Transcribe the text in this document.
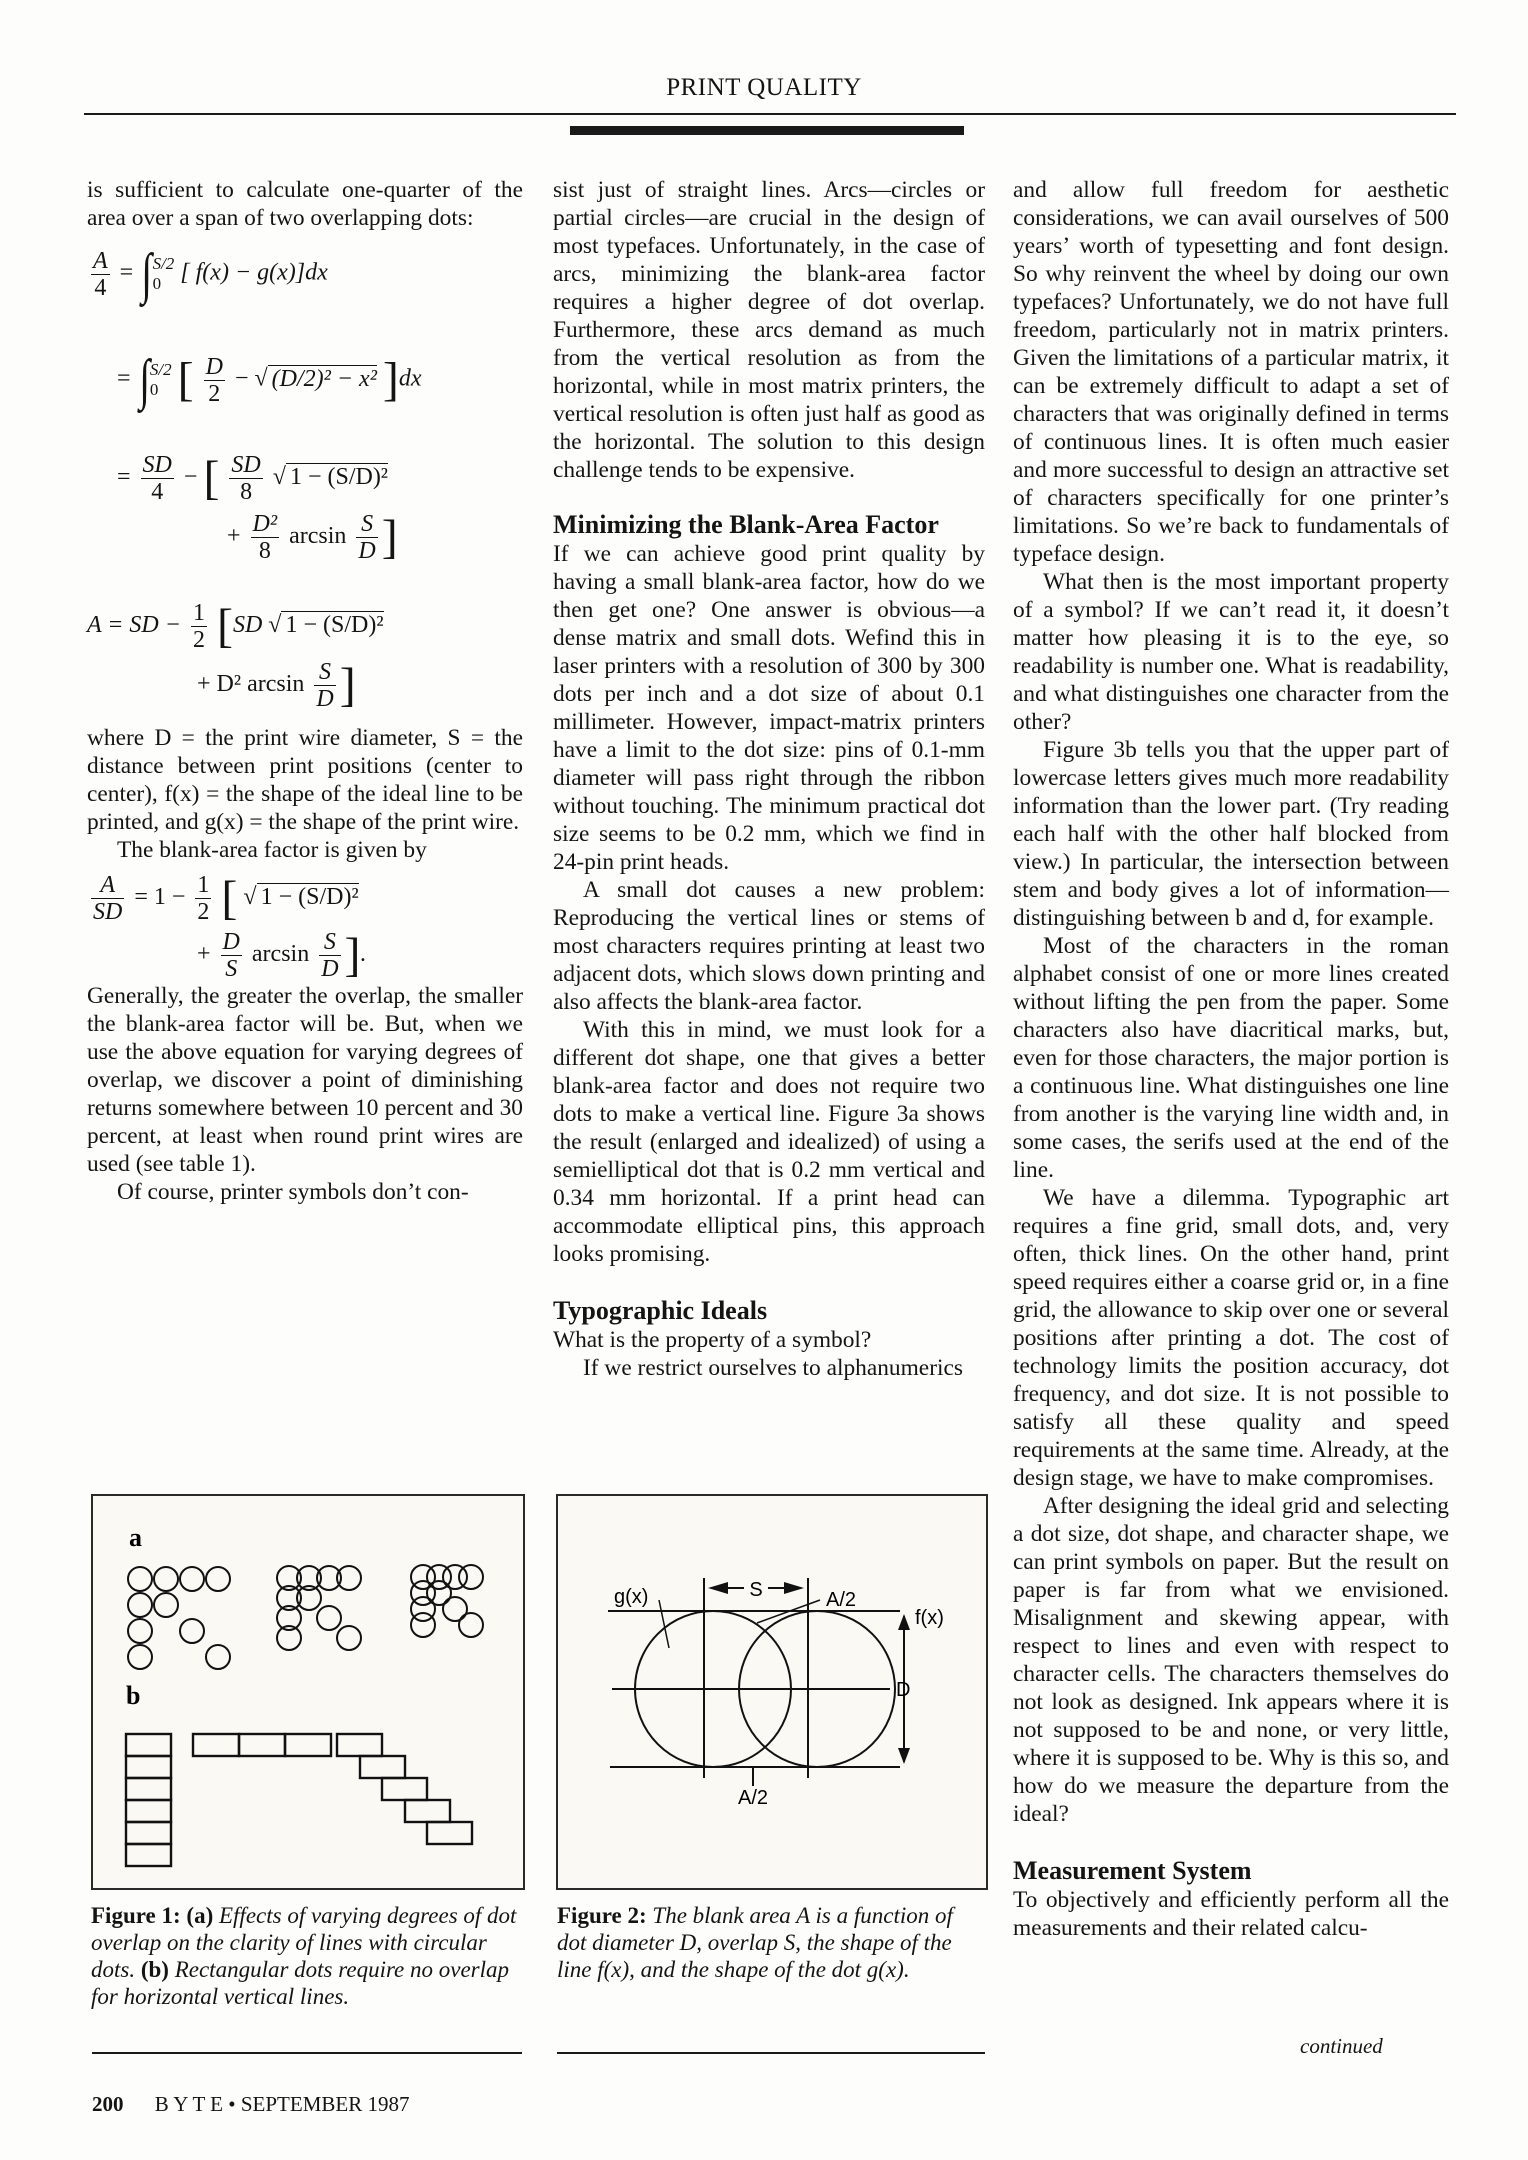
PRINT QUALITY

is sufficient to calculate one-quarter of the area over a span of two overlapping dots:

$\frac{A}{4}$ = ∫ S/2
0 [ f(x) − g(x)]dx
= ∫ S/2
0 [ $\frac{D}{2}$ − √ (D/2)² − x² ]dx
= $\frac{SD}{4}$ − [ $\frac{SD}{8}$ √ 1 − (S/D)²
+ $\frac{\text{D²}}{8}$ $\arcsin \frac{S}{D}$ ]
A = SD − $\frac{1}{2} [SD$ √ 1 − (S/D)²
+ D² $\arcsin \frac{S}{D}$ ]

where D = the print wire diameter, S = the distance between print positions (center to center), f(x) = the shape of the ideal line to be printed, and g(x) = the shape of the print wire.

The blank-area factor is given by

$\frac{A}{SD} = 1 - \frac{1}{2}$ [ √ 1 − (S/D)²
+ $\frac{D}{S}$ $\arcsin \frac{S}{D}$ ].

Generally, the greater the overlap, the smaller the blank-area factor will be. But, when we use the above equation for varying degrees of overlap, we discover a point of diminishing returns somewhere between 10 percent and 30 percent, at least when round print wires are used (see table 1).

Of course, printer symbols don’t con-

sist just of straight lines. Arcs—circles or partial circles—are crucial in the design of most typefaces. Unfortunately, in the case of arcs, minimizing the blank-area factor requires a higher degree of dot overlap. Furthermore, these arcs demand as much from the vertical resolution as from the horizontal, while in most matrix printers, the vertical resolution is often just half as good as the horizontal. The solution to this design challenge tends to be expensive.

Minimizing the Blank-Area Factor

If we can achieve good print quality by having a small blank-area factor, how do we then get one? One answer is obvious—a dense matrix and small dots. Wefind this in laser printers with a resolution of 300 by 300 dots per inch and a dot size of about 0.1 millimeter. However, impact-matrix printers have a limit to the dot size: pins of 0.1-mm diameter will pass right through the ribbon without touching. The minimum practical dot size seems to be 0.2 mm, which we find in 24-pin print heads.

A small dot causes a new problem: Reproducing the vertical lines or stems of most characters requires printing at least two adjacent dots, which slows down printing and also affects the blank-area factor.

With this in mind, we must look for a different dot shape, one that gives a better blank-area factor and does not require two dots to make a vertical line. Figure 3a shows the result (enlarged and idealized) of using a semielliptical dot that is 0.2 mm vertical and 0.34 mm horizontal. If a print head can accommodate elliptical pins, this approach looks promising.

Typographic Ideals

What is the property of a symbol?

If we restrict ourselves to alphanumerics

and allow full freedom for aesthetic considerations, we can avail ourselves of 500 years’ worth of typesetting and font design. So why reinvent the wheel by doing our own typefaces? Unfortunately, we do not have full freedom, particularly not in matrix printers. Given the limitations of a particular matrix, it can be extremely difficult to adapt a set of characters that was originally defined in terms of continuous lines. It is often much easier and more successful to design an attractive set of characters specifically for one printer’s limitations. So we’re back to fundamentals of typeface design.

What then is the most important property of a symbol? If we can’t read it, it doesn’t matter how pleasing it is to the eye, so readability is number one. What is readability, and what distinguishes one character from the other?

Figure 3b tells you that the upper part of lowercase letters gives much more readability information than the lower part. (Try reading each half with the other half blocked from view.) In particular, the intersection between stem and body gives a lot of information—distinguishing between b and d, for example.

Most of the characters in the roman alphabet consist of one or more lines created without lifting the pen from the paper. Some characters also have diacritical marks, but, even for those characters, the major portion is a continuous line. What distinguishes one line from another is the varying line width and, in some cases, the serifs used at the end of the line.

We have a dilemma. Typographic art requires a fine grid, small dots, and, very often, thick lines. On the other hand, print speed requires either a coarse grid or, in a fine grid, the allowance to skip over one or several positions after printing a dot. The cost of technology limits the position accuracy, dot frequency, and dot size. It is not possible to satisfy all these quality and speed requirements at the same time. Already, at the design stage, we have to make compromises.

After designing the ideal grid and selecting a dot size, dot shape, and character shape, we can print symbols on paper. But the result on paper is far from what we envisioned. Misalignment and skewing appear, with respect to lines and even with respect to character cells. The characters themselves do not look as designed. Ink appears where it is not supposed to be and none, or very little, where it is supposed to be. Why is this so, and how do we measure the departure from the ideal?

Measurement System

To objectively and efficiently perform all the measurements and their related calcu-

continued
a
b
Figure 1: (a) Effects of varying degrees of dot overlap on the clarity of lines with circular dots. (b) Rectangular dots require no overlap for horizontal vertical lines.
S
g(x)	A/2
f(x)
D
A/2
Figure 2: The blank area A is a function of dot diameter D, overlap S, the shape of the line f(x), and the shape of the dot g(x).
200 B Y T E • SEPTEMBER 1987
